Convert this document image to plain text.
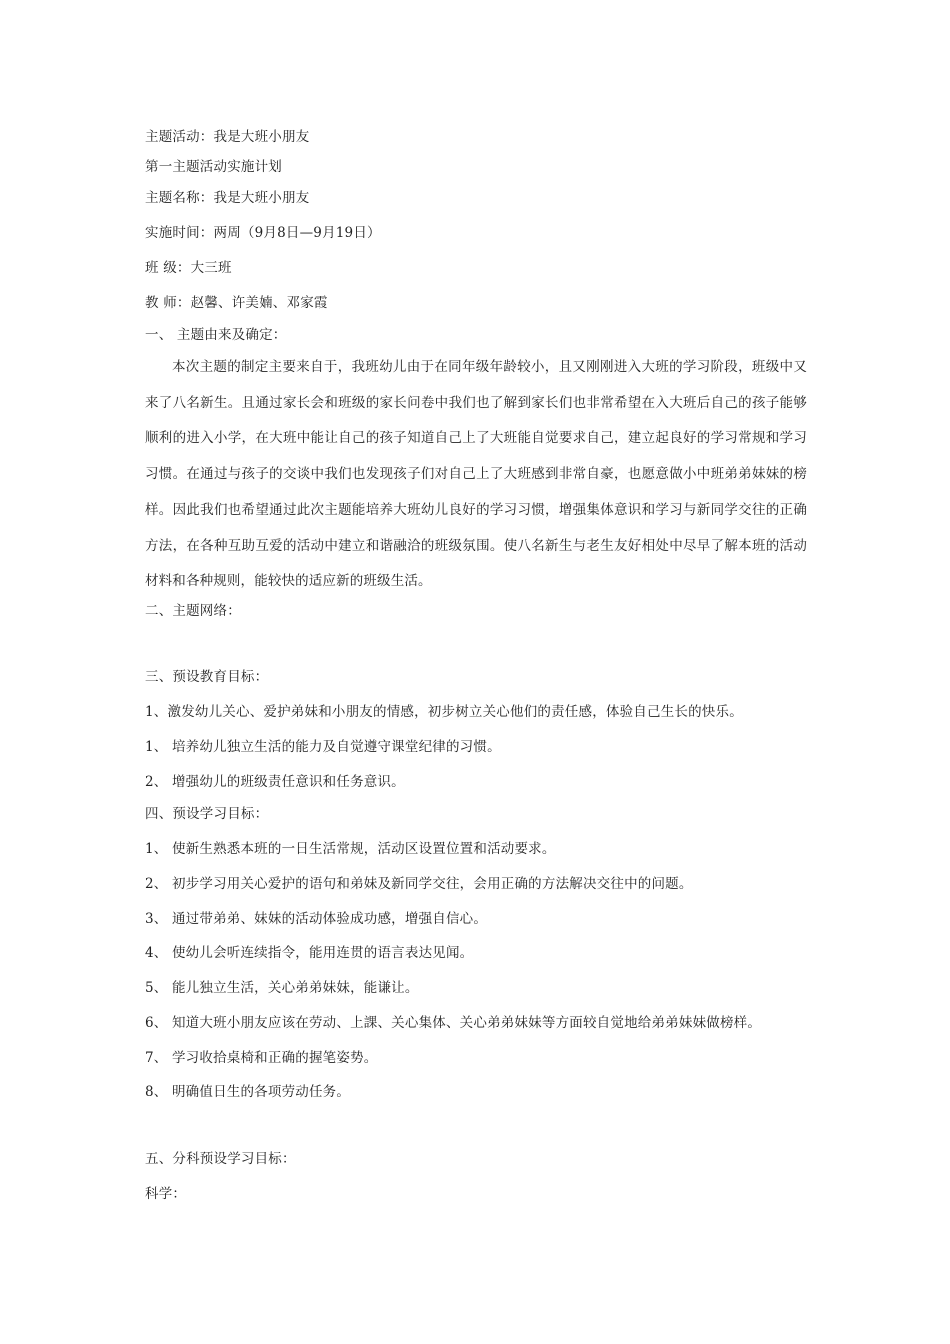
主题活动：我是大班小朋友
第一主题活动实施计划
主题名称：我是大班小朋友
实施时间：两周（9月8日—9月19日）
班 级：大三班
教 师：赵馨、许美婻、邓家霞
一、 主题由来及确定：
本次主题的制定主要来自于，我班幼儿由于在同年级年龄较小，且又刚刚进入大班的学习阶段，班级中又来了八名新生。且通过家长会和班级的家长问卷中我们也了解到家长们也非常希望在入大班后自己的孩子能够顺利的进入小学，在大班中能让自己的孩子知道自己上了大班能自觉要求自己，建立起良好的学习常规和学习习惯。在通过与孩子的交谈中我们也发现孩子们对自己上了大班感到非常自豪，也愿意做小中班弟弟妹妹的榜样。因此我们也希望通过此次主题能培养大班幼儿良好的学习习惯，增强集体意识和学习与新同学交往的正确方法，在各种互助互爱的活动中建立和谐融洽的班级氛围。使八名新生与老生友好相处中尽早了解本班的活动材料和各种规则，能较快的适应新的班级生活。
二、主题网络：
三、预设教育目标：
1、激发幼儿关心、爱护弟妹和小朋友的情感，初步树立关心他们的责任感，体验自己生长的快乐。
1、 培养幼儿独立生活的能力及自觉遵守课堂纪律的习惯。
2、 增强幼儿的班级责任意识和任务意识。
四、预设学习目标：
1、 使新生熟悉本班的一日生活常规，活动区设置位置和活动要求。
2、 初步学习用关心爱护的语句和弟妹及新同学交往，会用正确的方法解决交往中的问题。
3、 通过带弟弟、妹妹的活动体验成功感，增强自信心。
4、 使幼儿会听连续指令，能用连贯的语言表达见闻。
5、 能儿独立生活，关心弟弟妹妹，能谦让。
6、 知道大班小朋友应该在劳动、上課、关心集体、关心弟弟妹妹等方面较自觉地给弟弟妹妹做榜样。
7、 学习收拾桌椅和正确的握笔姿势。
8、 明确值日生的各项劳动任务。
五、分科预设学习目标：
科学：
